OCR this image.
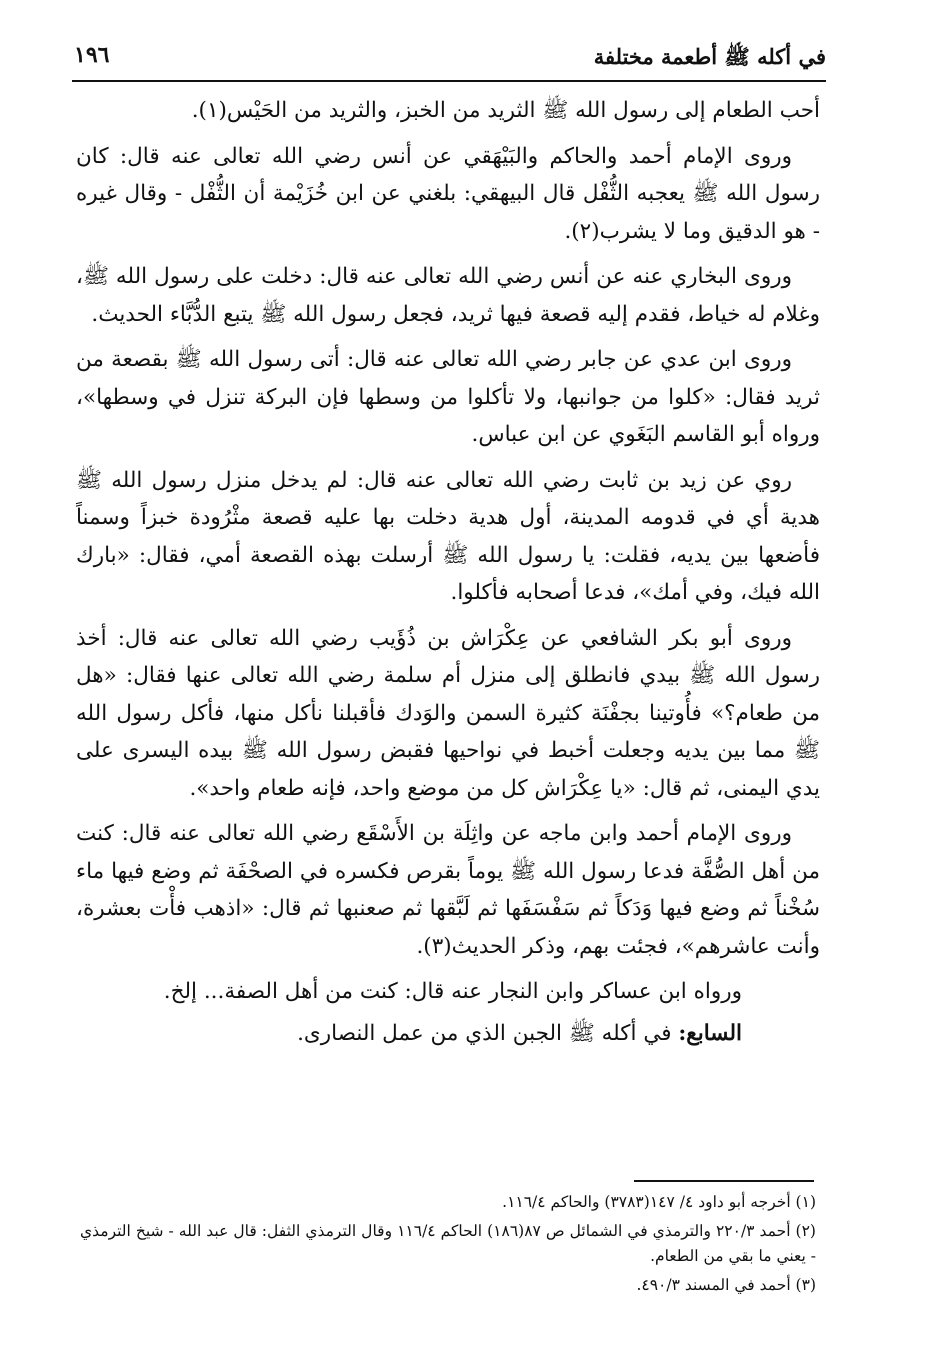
في أكله ﷺ أطعمة مختلفة
١٩٦

أحب الطعام إلى رسول الله ﷺ الثريد من الخبز، والثريد من الحَيْس(١).

وروى الإمام أحمد والحاكم والبَيْهَقي عن أنس رضي الله تعالى عنه قال: كان رسول الله ﷺ يعجبه الثُّفْل قال البيهقي: بلغني عن ابن خُزَيْمة أن الثُّفْل - وقال غيره - هو الدقيق وما لا يشرب(٢).

وروى البخاري عنه عن أنس رضي الله تعالى عنه قال: دخلت على رسول الله ﷺ، وغلام له خياط، فقدم إليه قصعة فيها ثريد، فجعل رسول الله ﷺ يتبع الدُّبَّاء الحديث.

وروى ابن عدي عن جابر رضي الله تعالى عنه قال: أتى رسول الله ﷺ بقصعة من ثريد فقال: «كلوا من جوانبها، ولا تأكلوا من وسطها فإن البركة تنزل في وسطها»، ورواه أبو القاسم البَغَوي عن ابن عباس.

روي عن زيد بن ثابت رضي الله تعالى عنه قال: لم يدخل منزل رسول الله ﷺ هدية أي في قدومه المدينة، أول هدية دخلت بها عليه قصعة مثْرُودة خبزاً وسمناً فأضعها بين يديه، فقلت: يا رسول الله ﷺ أرسلت بهذه القصعة أمي، فقال: «بارك الله فيك، وفي أمك»، فدعا أصحابه فأكلوا.

وروى أبو بكر الشافعي عن عِكْرَاش بن ذُؤَيب رضي الله تعالى عنه قال: أخذ رسول الله ﷺ بيدي فانطلق إلى منزل أم سلمة رضي الله تعالى عنها فقال: «هل من طعام؟» فأُوتينا بجفْنَة كثيرة السمن والوَدك فأقبلنا نأكل منها، فأكل رسول الله ﷺ مما بين يديه وجعلت أخبط في نواحيها فقبض رسول الله ﷺ بيده اليسرى على يدي اليمنى، ثم قال: «يا عِكْرَاش كل من موضع واحد، فإنه طعام واحد».

وروى الإمام أحمد وابن ماجه عن واثِلَة بن الأَسْقَع رضي الله تعالى عنه قال: كنت من أهل الصُّفَّة فدعا رسول الله ﷺ يوماً بقرص فكسره في الصحْفَة ثم وضع فيها ماء سُخْناً ثم وضع فيها وَدَكاً ثم سَفْسَفَها ثم لَبَّقها ثم صعنبها ثم قال: «اذهب فأْت بعشرة، وأنت عاشرهم»، فجئت بهم، وذكر الحديث(٣).

ورواه ابن عساكر وابن النجار عنه قال: كنت من أهل الصفة... إلخ.

السابع: في أكله ﷺ الجبن الذي من عمل النصارى.

(١) أخرجه أبو داود ٤/ ١٤٧(٣٧٨٣) والحاكم ١١٦/٤.

(٢) أحمد ٢٢٠/٣ والترمذي في الشمائل ص ٨٧(١٨٦) الحاكم ١١٦/٤ وقال الترمذي الثفل: قال عبد الله - شيخ الترمذي - يعني ما بقي من الطعام.

(٣) أحمد في المسند ٤٩٠/٣.
